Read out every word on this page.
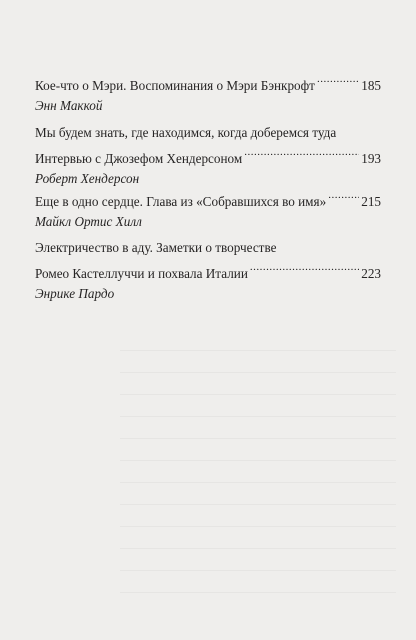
Кое-что о Мэри. Воспоминания о Мэри Бэнкрофт .....	185
Энн Маккой
Мы будем знать, где находимся, когда доберемся туда
Интервью с Джозефом Хендерсоном .....	193
Роберт Хендерсон
Еще в одно сердце. Глава из «Собравшихся во имя» .....	215
Майкл Ортис Хилл
Электричество в аду. Заметки о творчестве
Ромео Кастеллуччи и похвала Италии .....	223
Энрике Пардо
